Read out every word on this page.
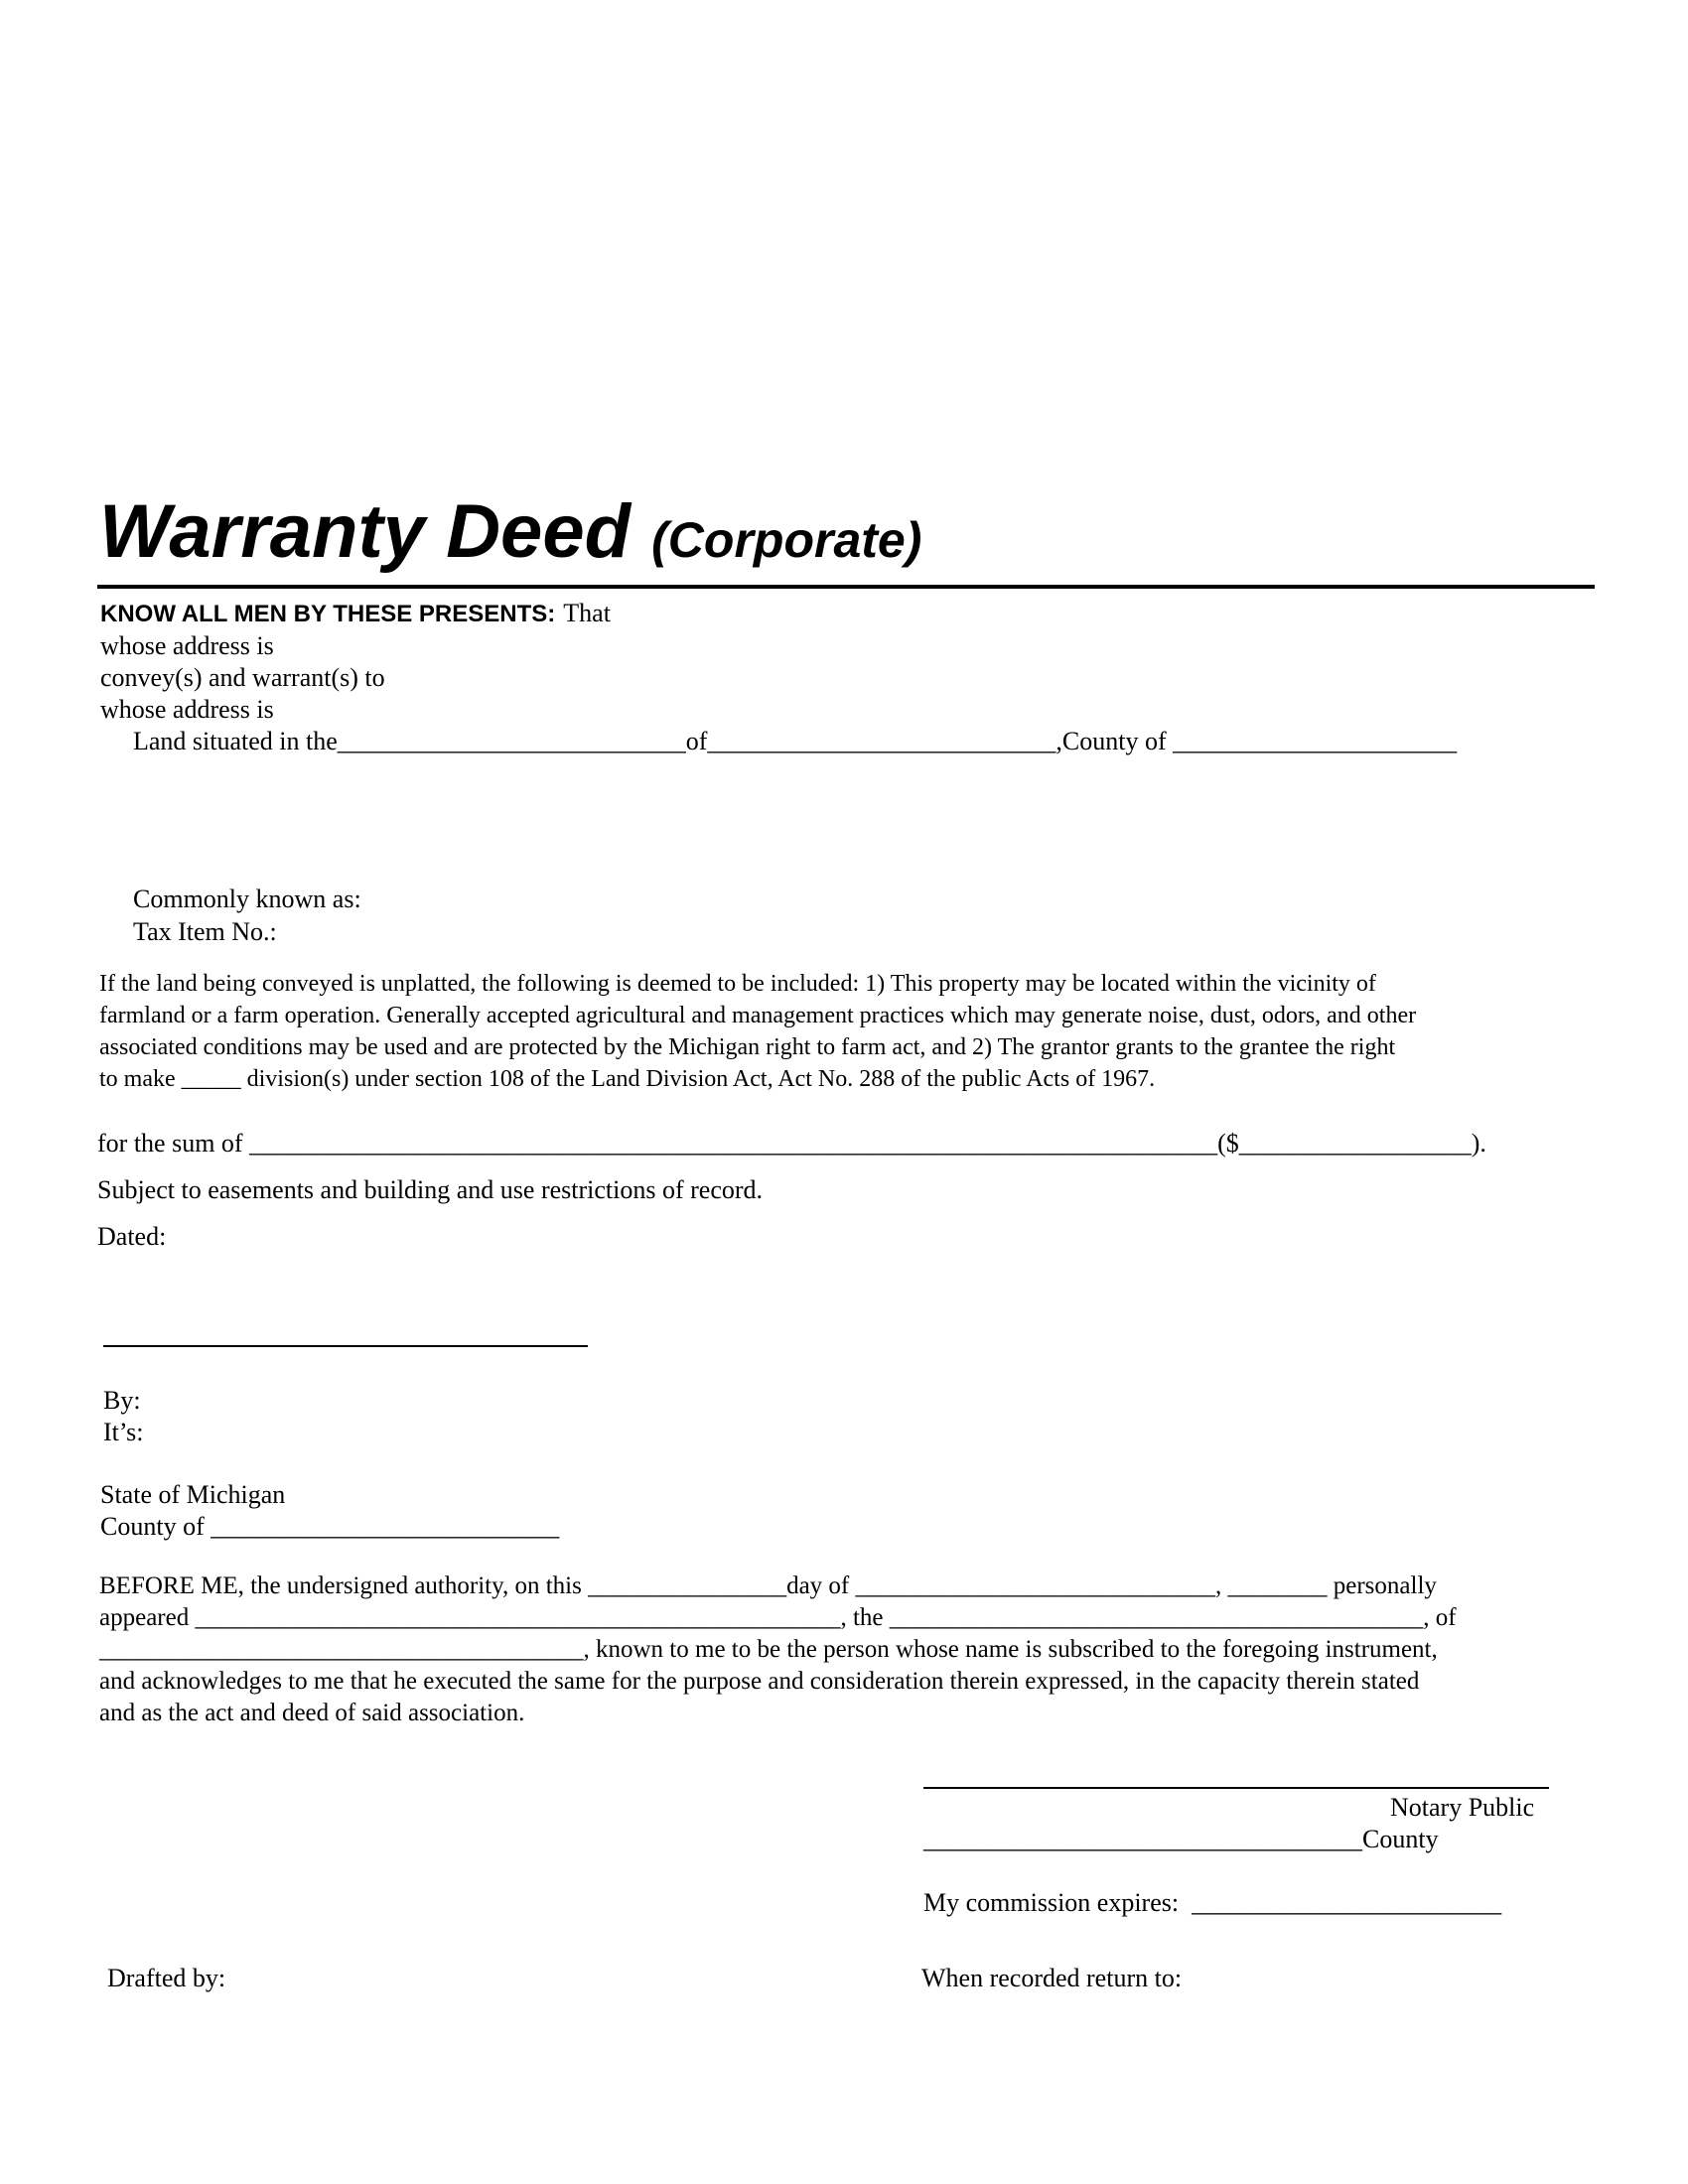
Warranty Deed (Corporate)
KNOW ALL MEN BY THESE PRESENTS: That
whose address is
convey(s) and warrant(s) to
whose address is
Land situated in the___________________________of___________________________,County of ______________________
Commonly known as:
Tax Item No.:
If the land being conveyed is unplatted, the following is deemed to be included: 1) This property may be located within the vicinity of
farmland or a farm operation. Generally accepted agricultural and management practices which may generate noise, dust, odors, and other
associated conditions may be used and are protected by the Michigan right to farm act, and 2) The grantor grants to the grantee the right
to make _____ division(s) under section 108 of the Land Division Act, Act No. 288 of the public Acts of 1967.
for the sum of ___________________________________________________________________________($__________________).
Subject to easements and building and use restrictions of record.
Dated:
By:
It’s:
State of Michigan
County of ___________________________
BEFORE ME, the undersigned authority, on this ________________day of _____________________________, ________ personally
appeared ____________________________________________________, the ___________________________________________, of
_______________________________________, known to me to be the person whose name is subscribed to the foregoing instrument,
and acknowledges to me that he executed the same for the purpose and consideration therein expressed, in the capacity therein stated
and as the act and deed of said association.
Notary Public
__________________________________County
My commission expires:  ________________________
Drafted by:	When recorded return to:
